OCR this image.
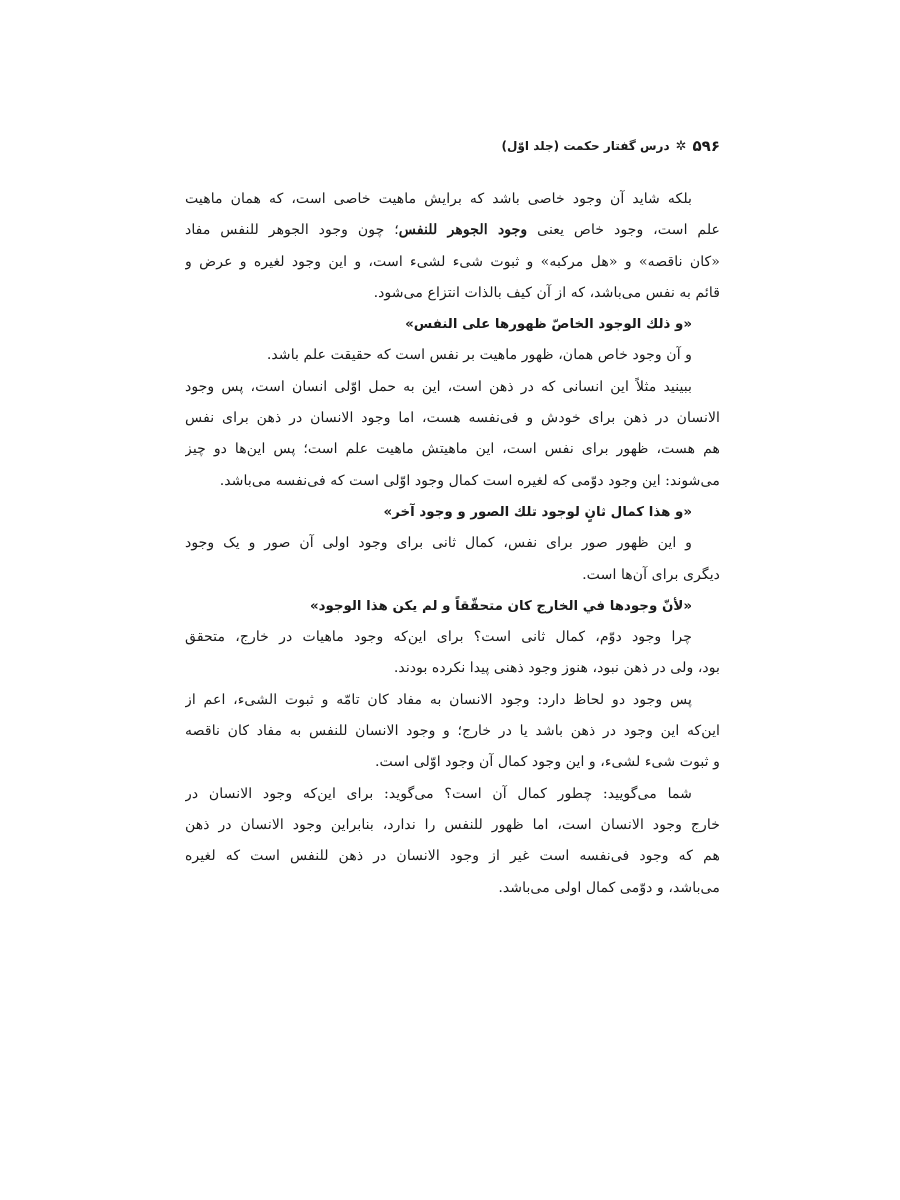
۵۹۶
✲
درس گفتار حکمت (جلد اوّل)
بلکه شاید آن وجود خاصی باشد که برایش ماهیت خاصی است، که همان ماهیت
علم است، وجود خاص یعنی وجود الجوهر للنفس؛ چون وجود الجوهر للنفس مفاد
«کان ناقصه» و «هل مرکبه» و ثبوت شیء لشیء است، و این وجود لغیره و عرض و
قائم به نفس می‌باشد، که از آن کیف بالذات انتزاع می‌شود.
«و ذلك الوجود الخاصّ ظهورها على النفس»
و آن وجود خاص همان، ظهور ماهیت بر نفس است که حقیقت علم باشد.
ببینید مثلاً این انسانی که در ذهن است، این به حمل اوّلی انسان است، پس وجود
الانسان در ذهن برای خودش و فی‌نفسه هست، اما وجود الانسان در ذهن برای نفس
هم هست، ظهور برای نفس است، این ماهیتش ماهیت علم است؛ پس این‌ها دو چیز
می‌شوند: این وجود دوّمی که لغیره است کمال وجود اوّلی است که فی‌نفسه می‌باشد.
«و هذا كمال ثانٍ لوجود تلك الصور و وجود آخر»
و این ظهور صور برای نفس، کمال ثانی برای وجود اولی آن صور و یک وجود
دیگری برای آن‌ها است.
«لأنّ وجودها في الخارج كان متحقّقاً و لم يكن هذا الوجود»
چرا وجود دوّم، کمال ثانی است؟ برای این‌که وجود ماهیات در خارج، متحقق
بود، ولی در ذهن نبود، هنوز وجود ذهنی پیدا نکرده بودند.
پس وجود دو لحاظ دارد: وجود الانسان به مفاد کان تامّه و ثبوت الشیء، اعم از
این‌که این وجود در ذهن باشد یا در خارج؛ و وجود الانسان للنفس به مفاد کان ناقصه
و ثبوت شیء لشیء، و این وجود کمال آن وجود اوّلی است.
شما می‌گویید: چطور کمال آن است؟ می‌گوید: برای این‌که وجود الانسان در
خارج وجود الانسان است، اما ظهور للنفس را ندارد، بنابراین وجود الانسان در ذهن
هم که وجود فی‌نفسه است غیر از وجود الانسان در ذهن للنفس است که لغیره
می‌باشد، و دوّمی کمال اولی می‌باشد.
